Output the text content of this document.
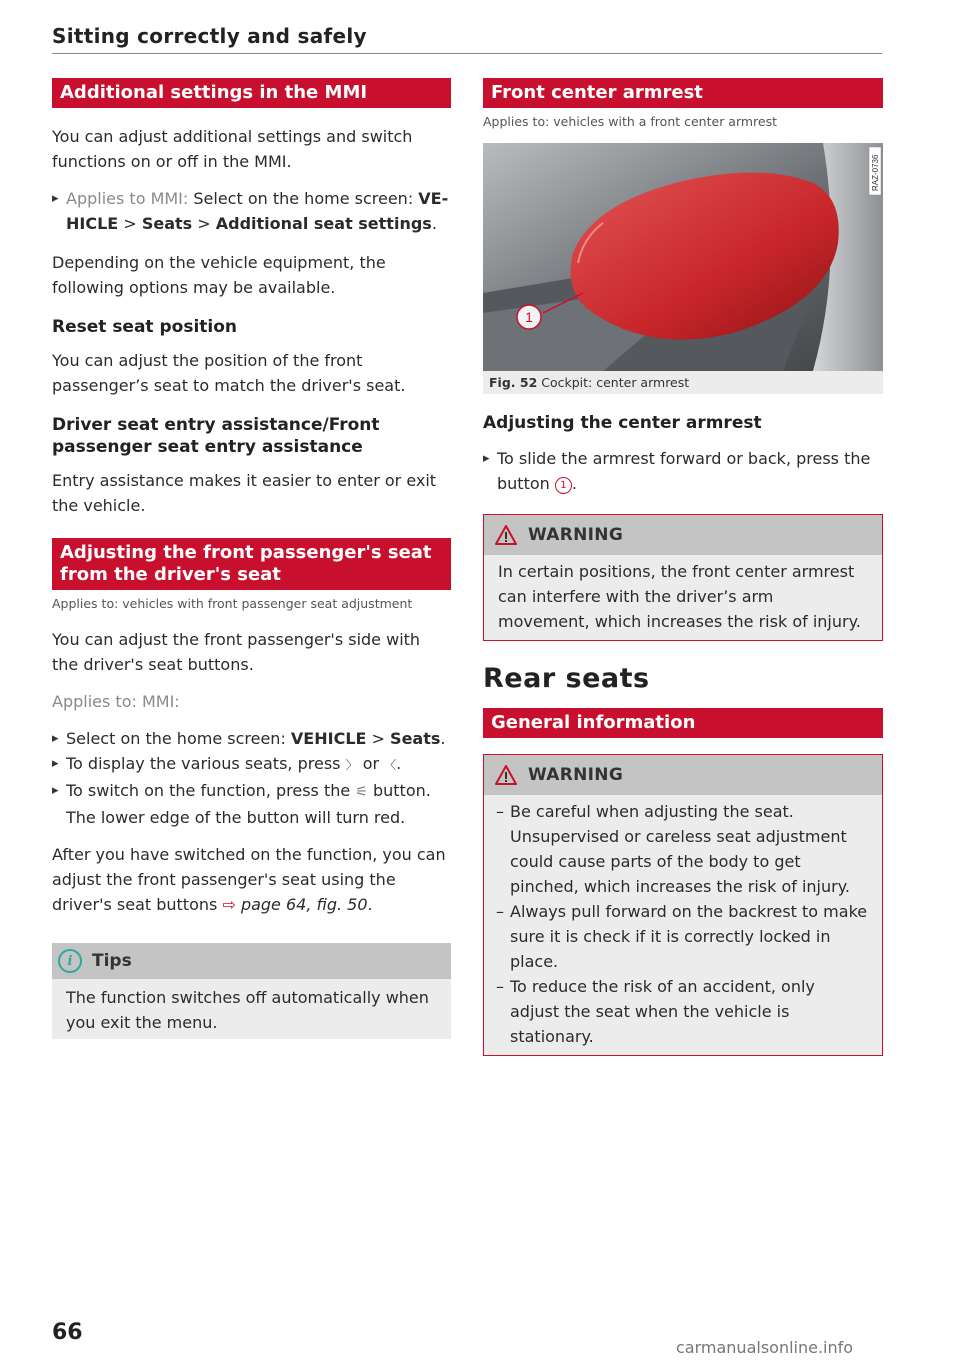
Sitting correctly and safely
Additional settings in the MMI

You can adjust additional settings and switch functions on or off in the MMI.

▸ Applies to MMI: Select on the home screen: VE-
HICLE > Seats > Additional seat settings.

Depending on the vehicle equipment, the following options may be available.

Reset seat position

You can adjust the position of the front passenger’s seat to match the driver's seat.

Driver seat entry assistance/Front passenger seat entry assistance

Entry assistance makes it easier to enter or exit the vehicle.

Adjusting the front passenger's seat from the driver's seat
Applies to: vehicles with front passenger seat adjustment

You can adjust the front passenger's side with the driver's seat buttons.

Applies to: MMI:

▸ Select on the home screen: VEHICLE > Seats.
▸ To display the various seats, press 〉 or 〈.
▸ To switch on the function, press the ⚟ button.
The lower edge of the button will turn red.

After you have switched on the function, you can adjust the front passenger's seat using the driver's seat buttons ⇨ page 64, fig. 50.

i	Tips
The function switches off automatically when you exit the menu.
Front center armrest
Applies to: vehicles with a front center armrest
1
RAZ-0736
Fig. 52 Cockpit: center armrest
Adjusting the center armrest
▸ To slide the armrest forward or back, press the button 1 .
WARNING
In certain positions, the front center armrest can interfere with the driver’s arm movement, which increases the risk of injury.
Rear seats
General information
WARNING
– Be careful when adjusting the seat. Unsupervised or careless seat adjustment could cause parts of the body to get pinched, which increases the risk of injury.
– Always pull forward on the backrest to make sure it is check if it is correctly locked in place.
– To reduce the risk of an accident, only adjust the seat when the vehicle is stationary.
66
carmanualsonline.info
